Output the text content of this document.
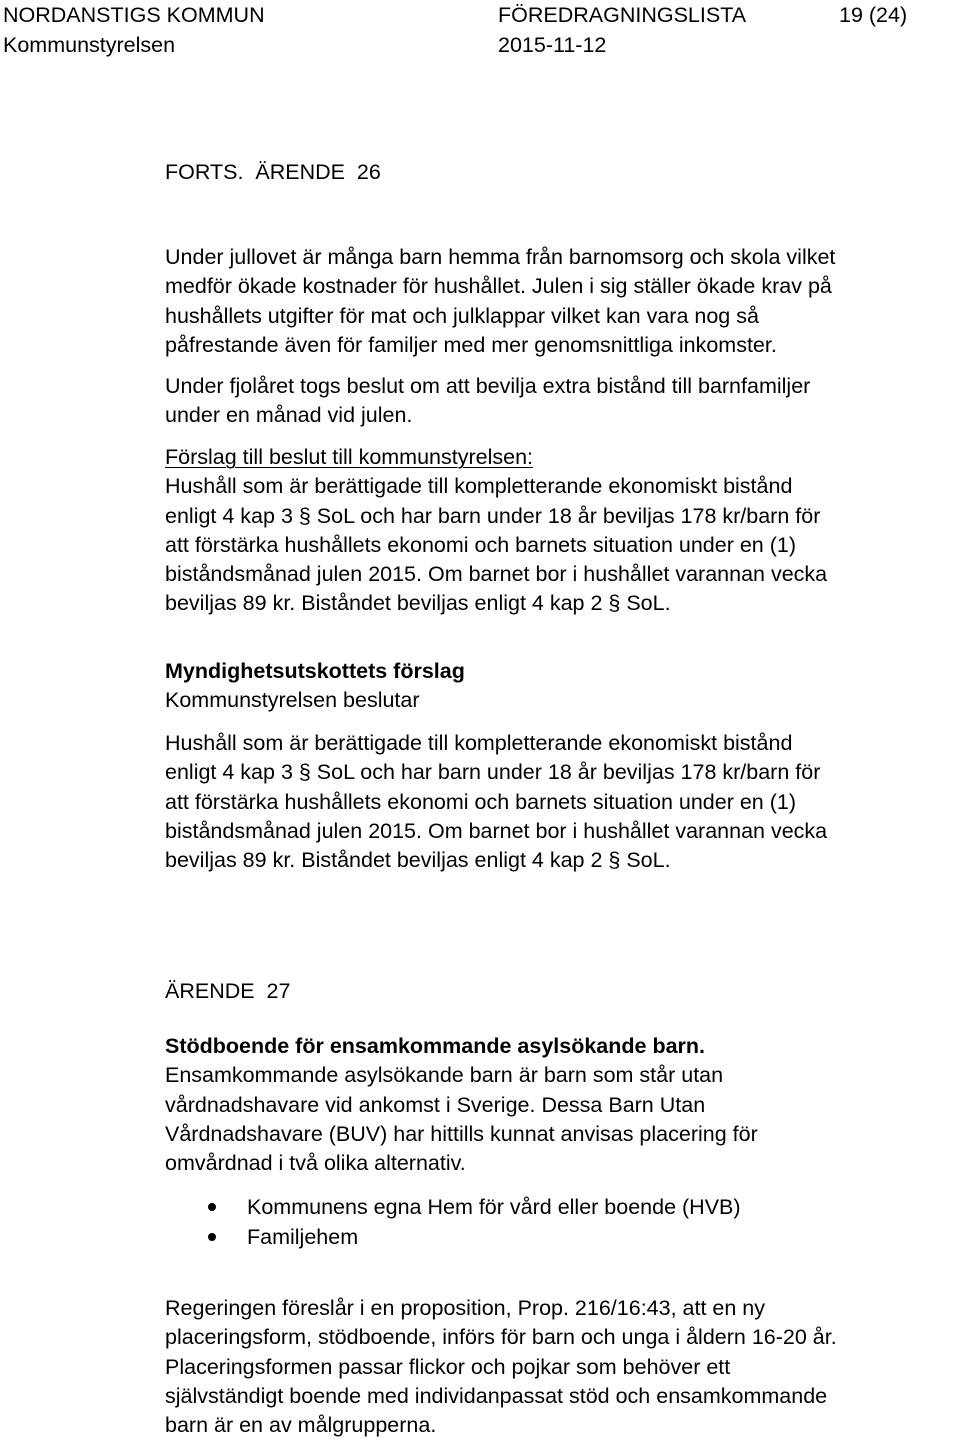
NORDANSTIGS KOMMUN	FÖREDRAGNINGSLISTA	19 (24)
Kommunstyrelsen	2015-11-12

FORTS.  ÄRENDE  26

Under jullovet är många barn hemma från barnomsorg och skola vilket

medför ökade kostnader för hushållet. Julen i sig ställer ökade krav på

hushållets utgifter för mat och julklappar vilket kan vara nog så

påfrestande även för familjer med mer genomsnittliga inkomster.

Under fjolåret togs beslut om att bevilja extra bistånd till barnfamiljer

under en månad vid julen.

Förslag till beslut till kommunstyrelsen:

Hushåll som är berättigade till kompletterande ekonomiskt bistånd

enligt 4 kap 3 § SoL och har barn under 18 år beviljas 178 kr/barn för

att förstärka hushållets ekonomi och barnets situation under en (1)

biståndsmånad julen 2015. Om barnet bor i hushållet varannan vecka

beviljas 89 kr. Biståndet beviljas enligt 4 kap 2 § SoL.

Myndighetsutskottets förslag

Kommunstyrelsen beslutar

Hushåll som är berättigade till kompletterande ekonomiskt bistånd

enligt 4 kap 3 § SoL och har barn under 18 år beviljas 178 kr/barn för

att förstärka hushållets ekonomi och barnets situation under en (1)

biståndsmånad julen 2015. Om barnet bor i hushållet varannan vecka

beviljas 89 kr. Biståndet beviljas enligt 4 kap 2 § SoL.

ÄRENDE  27

Stödboende för ensamkommande asylsökande barn.

Ensamkommande asylsökande barn är barn som står utan

vårdnadshavare vid ankomst i Sverige. Dessa Barn Utan

Vårdnadshavare (BUV) har hittills kunnat anvisas placering för

omvårdnad i två olika alternativ.

Kommunens egna Hem för vård eller boende (HVB)
Familjehem

Regeringen föreslår i en proposition, Prop. 216/16:43, att en ny

placeringsform, stödboende, införs för barn och unga i åldern 16-20 år.

Placeringsformen passar flickor och pojkar som behöver ett

självständigt boende med individanpassat stöd och ensamkommande

barn är en av målgrupperna.
